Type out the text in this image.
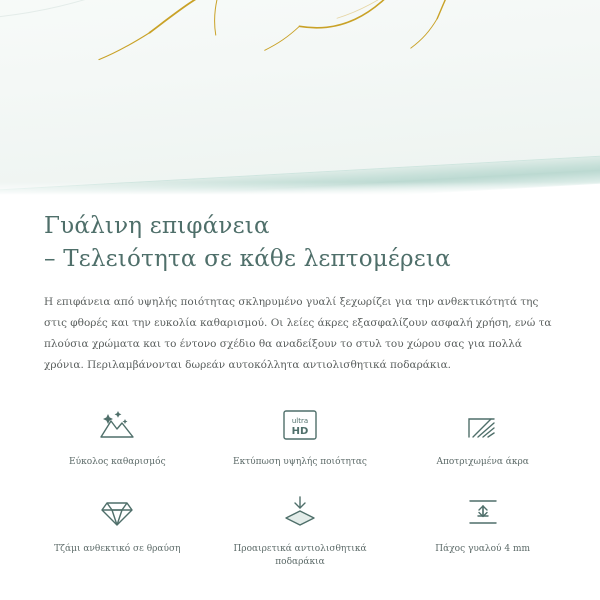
Γυάλινη επιφάνεια
– Τελειότητα σε κάθε λεπτομέρεια

Η επιφάνεια από υψηλής ποιότητας σκληρυμένο γυαλί ξεχωρίζει για την ανθεκτικότητά της στις φθορές και την ευκολία καθαρισμού. Οι λείες άκρες εξασφαλίζουν ασφαλή χρήση, ενώ τα πλούσια χρώματα και το έντονο σχέδιο θα αναδείξουν το στυλ του χώρου σας για πολλά χρόνια. Περιλαμβάνονται δωρεάν αυτοκόλλητα αντιολισθητικά ποδαράκια.

Εύκολος καθαρισμός
ultra
HD
Εκτύπωση υψηλής ποιότητας	Αποτριχωμένα άκρα
Τζάμι ανθεκτικό σε θραύση	Προαιρετικά αντιολισθητικά ποδαράκια
Πάχος γυαλού 4 mm
